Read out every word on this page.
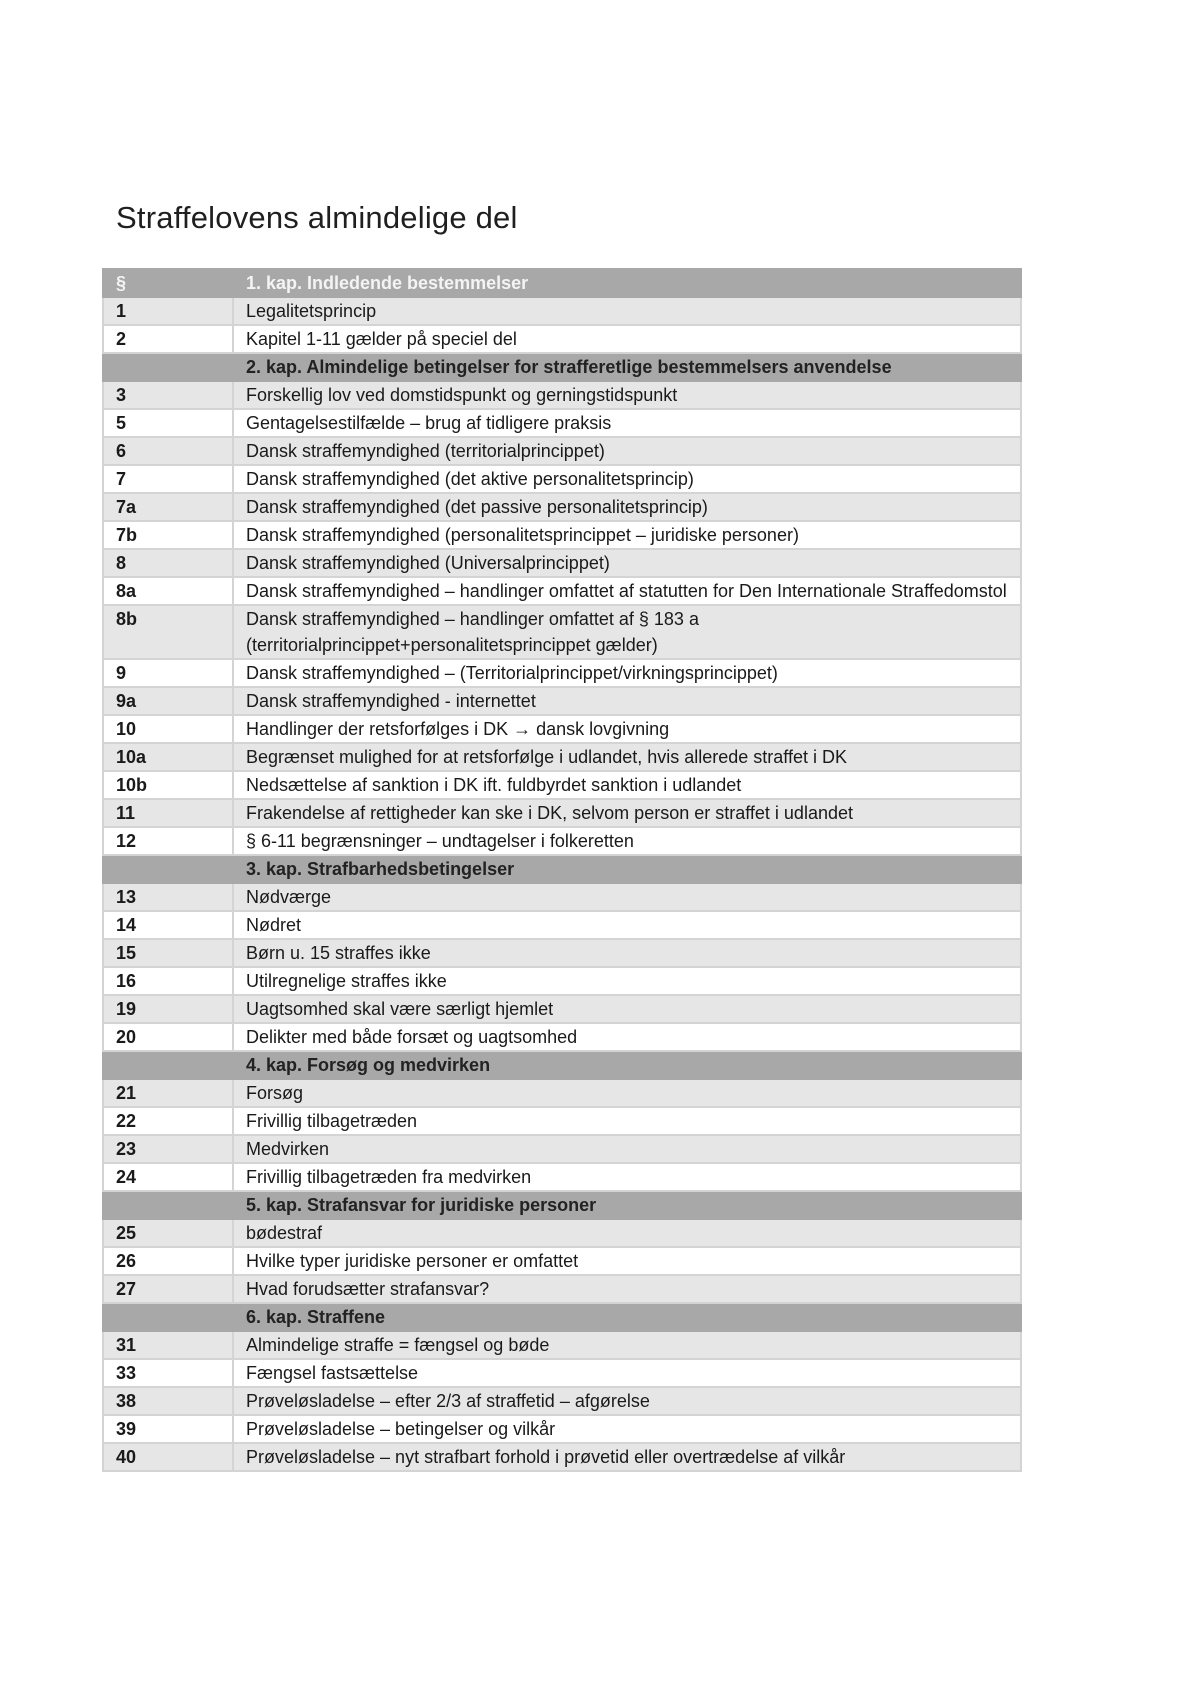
Straffelovens almindelige del
§	1. kap. Indledende bestemmelser
1	Legalitetsprincip
2	Kapitel 1-11 gælder på speciel del
	2. kap. Almindelige betingelser for strafferetlige bestemmelsers anvendelse
3	Forskellig lov ved domstidspunkt og gerningstidspunkt
5	Gentagelsestilfælde – brug af tidligere praksis
6	Dansk straffemyndighed (territorialprincippet)
7	Dansk straffemyndighed (det aktive personalitetsprincip)
7a	Dansk straffemyndighed (det passive personalitetsprincip)
7b	Dansk straffemyndighed (personalitetsprincippet – juridiske personer)
8	Dansk straffemyndighed (Universalprincippet)
8a	Dansk straffemyndighed – handlinger omfattet af statutten for Den Internationale Straffedomstol
8b	Dansk straffemyndighed – handlinger omfattet af § 183 a (territorialprincippet+personalitetsprincippet gælder)
9	Dansk straffemyndighed – (Territorialprincippet/virkningsprincippet)
9a	Dansk straffemyndighed - internettet
10	Handlinger der retsforfølges i DK → dansk lovgivning
10a	Begrænset mulighed for at retsforfølge i udlandet, hvis allerede straffet i DK
10b	Nedsættelse af sanktion i DK ift. fuldbyrdet sanktion i udlandet
11	Frakendelse af rettigheder kan ske i DK, selvom person er straffet i udlandet
12	§ 6-11 begrænsninger – undtagelser i folkeretten
	3. kap. Strafbarhedsbetingelser
13	Nødværge
14	Nødret
15	Børn u. 15 straffes ikke
16	Utilregnelige straffes ikke
19	Uagtsomhed skal være særligt hjemlet
20	Delikter med både forsæt og uagtsomhed
	4. kap. Forsøg og medvirken
21	Forsøg
22	Frivillig tilbagetræden
23	Medvirken
24	Frivillig tilbagetræden fra medvirken
	5. kap. Strafansvar for juridiske personer
25	bødestraf
26	Hvilke typer juridiske personer er omfattet
27	Hvad forudsætter strafansvar?
	6. kap. Straffene
31	Almindelige straffe = fængsel og bøde
33	Fængsel fastsættelse
38	Prøveløsladelse – efter 2/3 af straffetid – afgørelse
39	Prøveløsladelse – betingelser og vilkår
40	Prøveløsladelse – nyt strafbart forhold i prøvetid eller overtrædelse af vilkår
